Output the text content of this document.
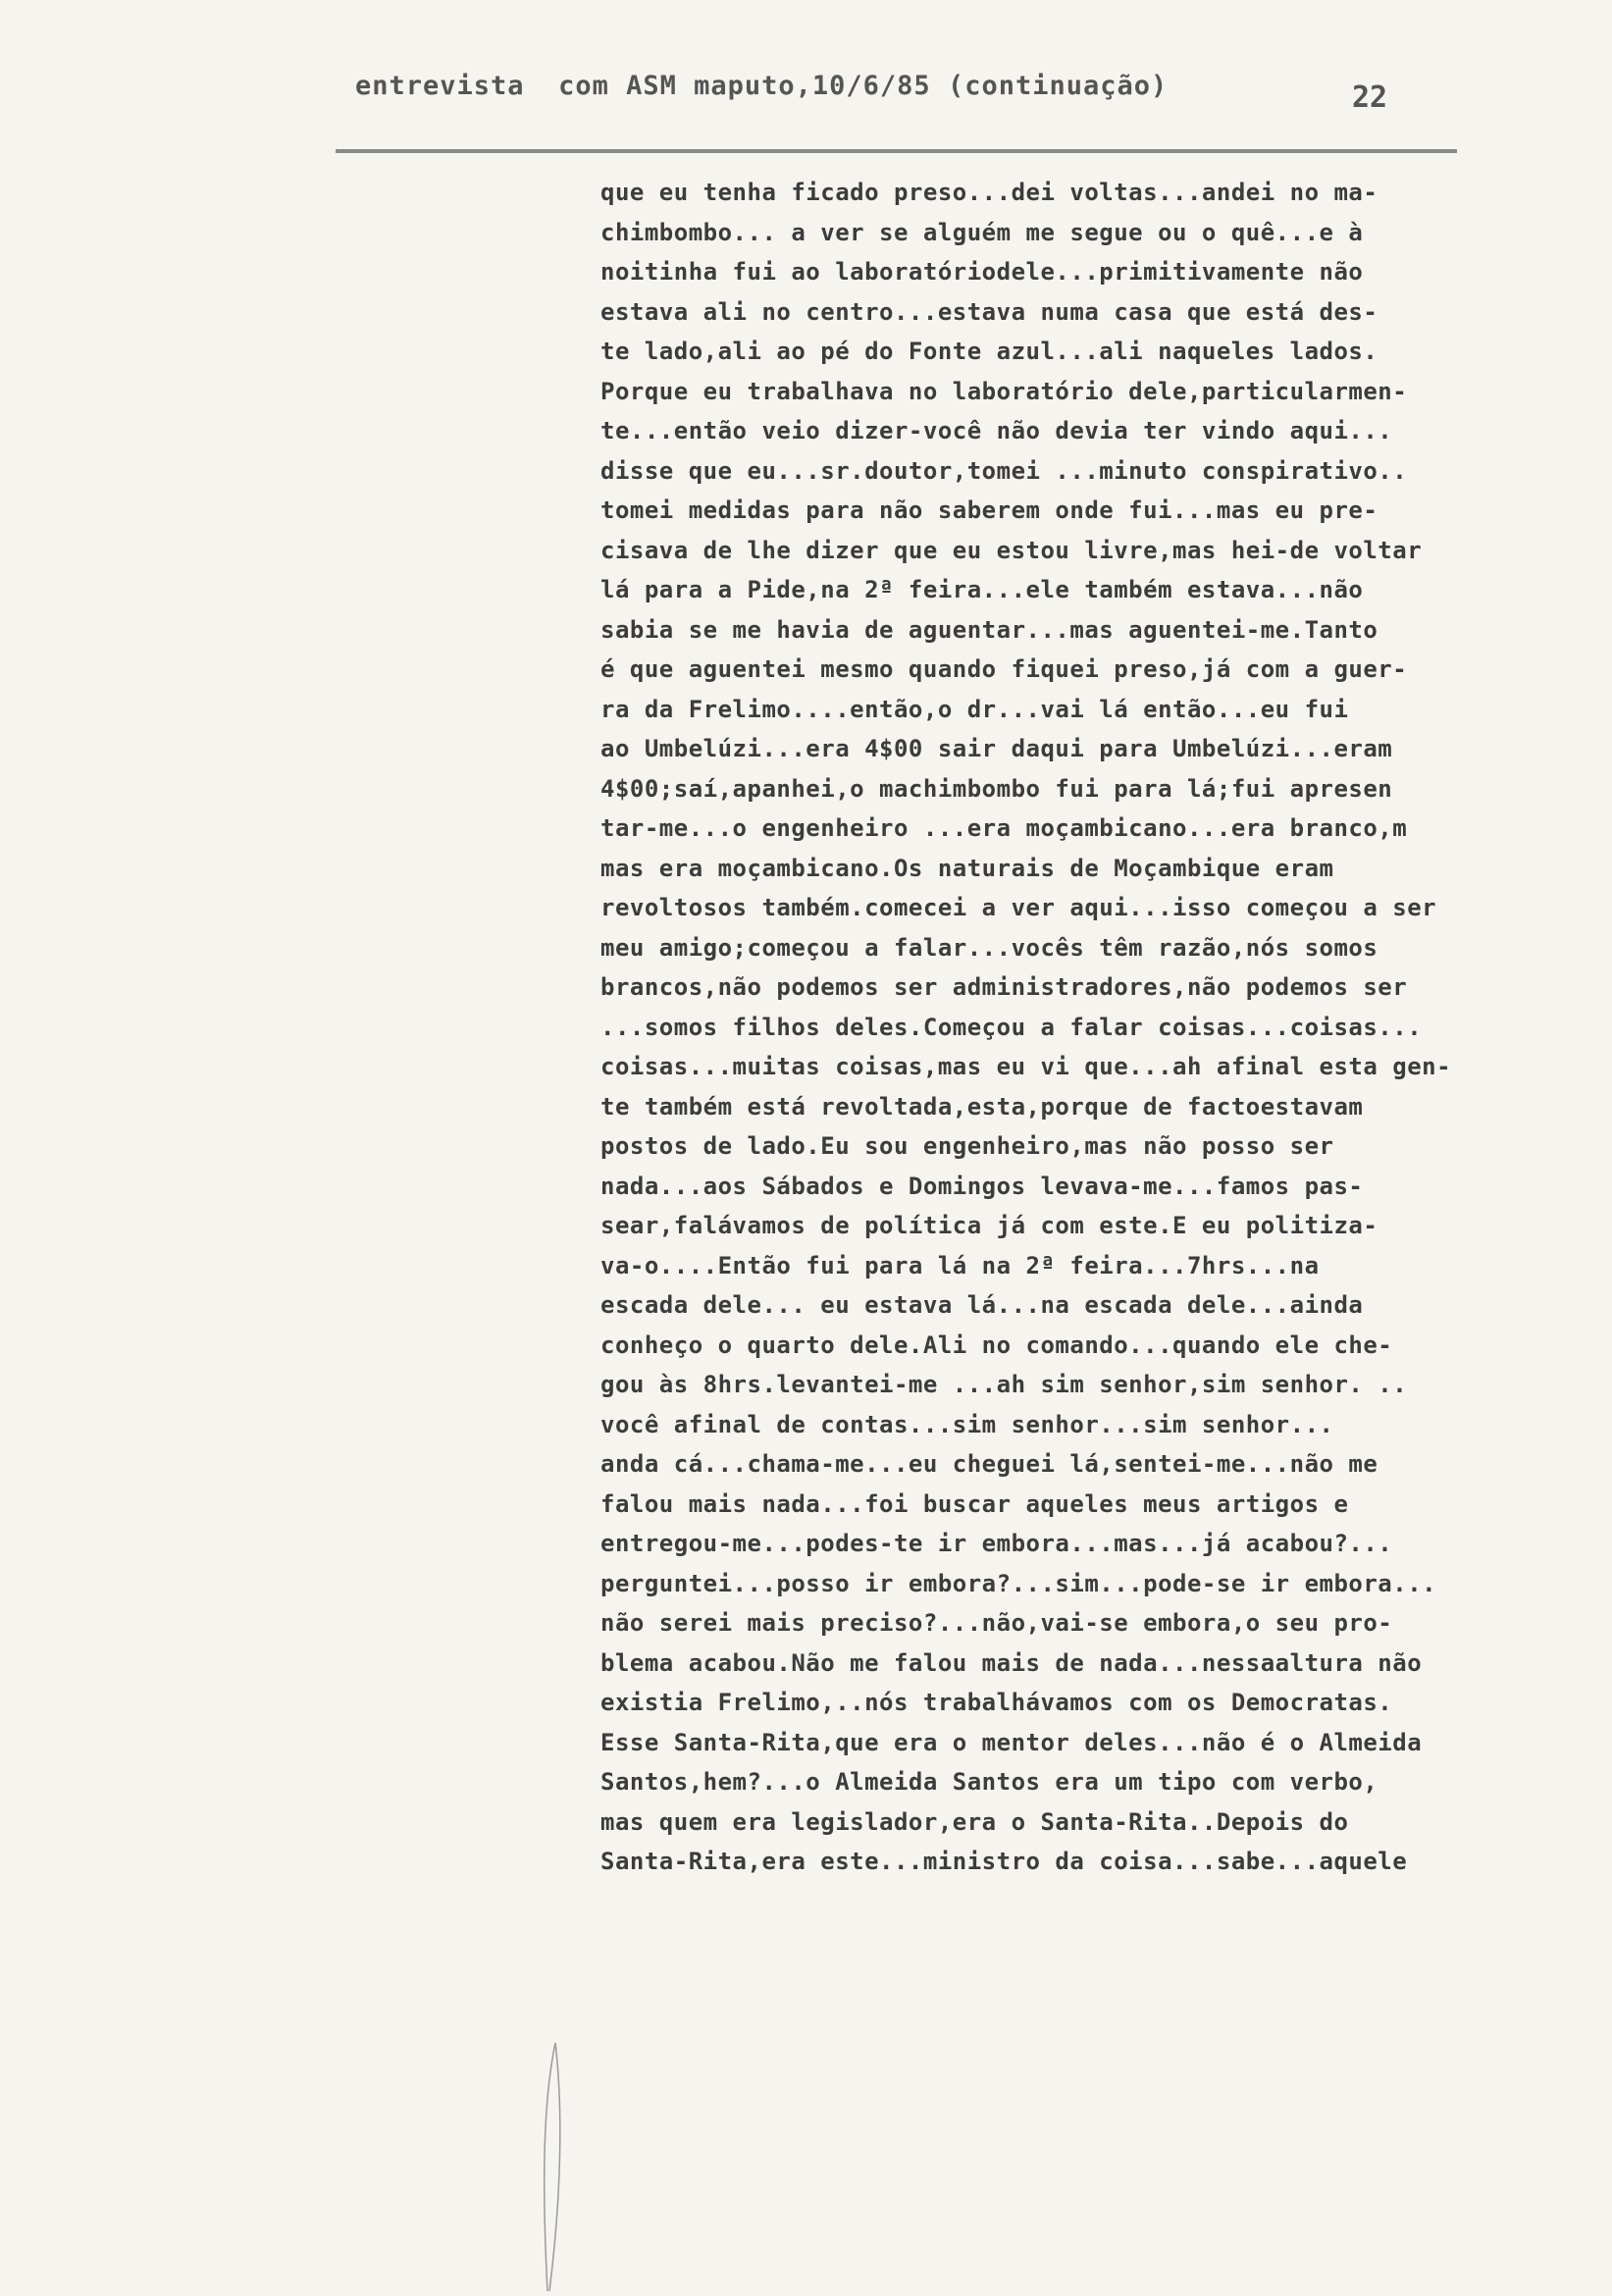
entrevista  com ASM maputo,10/6/85 (continuação)	22
que eu tenha ficado preso...dei voltas...andei no ma-
chimbombo... a ver se alguém me segue ou o quê...e à
noitinha fui ao laboratóriodele...primitivamente não
estava ali no centro...estava numa casa que está des-
te lado,ali ao pé do Fonte azul...ali naqueles lados.
Porque eu trabalhava no laboratório dele,particularmen-
te...então veio dizer-você não devia ter vindo aqui...
disse que eu...sr.doutor,tomei ...minuto conspirativo..
tomei medidas para não saberem onde fui...mas eu pre-
cisava de lhe dizer que eu estou livre,mas hei-de voltar
lá para a Pide,na 2ª feira...ele também estava...não
sabia se me havia de aguentar...mas aguentei-me.Tanto
é que aguentei mesmo quando fiquei preso,já com a guer-
ra da Frelimo....então,o dr...vai lá então...eu fui
ao Umbelúzi...era 4$00 sair daqui para Umbelúzi...eram
4$00;saí,apanhei,o machimbombo fui para lá;fui apresen
tar-me...o engenheiro ...era moçambicano...era branco,m
mas era moçambicano.Os naturais de Moçambique eram
revoltosos também.comecei a ver aqui...isso começou a ser
meu amigo;começou a falar...vocês têm razão,nós somos
brancos,não podemos ser administradores,não podemos ser
...somos filhos deles.Começou a falar coisas...coisas...
coisas...muitas coisas,mas eu vi que...ah afinal esta gen-
te também está revoltada,esta,porque de factoestavam
postos de lado.Eu sou engenheiro,mas não posso ser
nada...aos Sábados e Domingos levava-me...famos pas-
sear,falávamos de política já com este.E eu politiza-
va-o....Então fui para lá na 2ª feira...7hrs...na
escada dele... eu estava lá...na escada dele...ainda
conheço o quarto dele.Ali no comando...quando ele che-
gou às 8hrs.levantei-me ...ah sim senhor,sim senhor. ..
você afinal de contas...sim senhor...sim senhor...
anda cá...chama-me...eu cheguei lá,sentei-me...não me
falou mais nada...foi buscar aqueles meus artigos e
entregou-me...podes-te ir embora...mas...já acabou?...
perguntei...posso ir embora?...sim...pode-se ir embora...
não serei mais preciso?...não,vai-se embora,o seu pro-
blema acabou.Não me falou mais de nada...nessaaltura não
existia Frelimo,..nós trabalhávamos com os Democratas.
Esse Santa-Rita,que era o mentor deles...não é o Almeida
Santos,hem?...o Almeida Santos era um tipo com verbo,
mas quem era legislador,era o Santa-Rita..Depois do
Santa-Rita,era este...ministro da coisa...sabe...aquele
